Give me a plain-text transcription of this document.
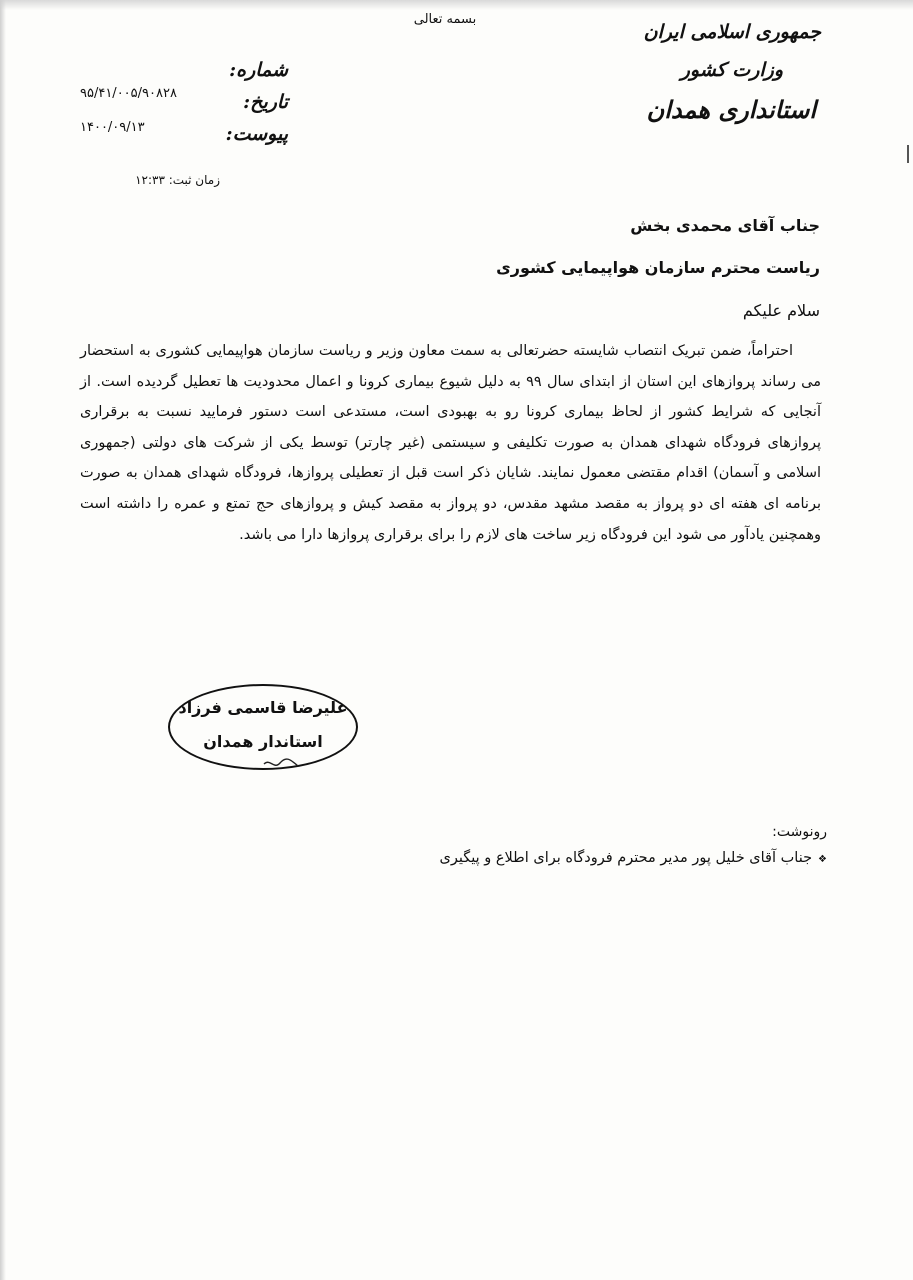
بسمه تعالی
جمهوری اسلامی ایران
وزارت کشور
استانداری همدان
شماره:
تاریخ:
پیوست:
۹۵/۴۱/۰۰۵/۹۰۸۲۸
۱۴۰۰/۰۹/۱۳
زمان ثبت: ۱۲:۳۳
جناب آقای محمدی بخش
ریاست محترم سازمان هواپیمایی کشوری
سلام علیکم
احتراماً، ضمن تبریک انتصاب شایسته حضرتعالی به سمت معاون وزیر و ریاست سازمان هواپیمایی کشوری به استحضار می رساند پروازهای این استان از ابتدای سال ۹۹ به دلیل شیوع بیماری کرونا و اعمال محدودیت ها تعطیل گردیده است. از آنجایی که شرایط کشور از لحاظ بیماری کرونا رو به بهبودی است، مستدعی است دستور فرمایید نسبت به برقراری پروازهای فرودگاه شهدای همدان به صورت تکلیفی و سیستمی (غیر چارتر) توسط یکی از شرکت های دولتی (جمهوری اسلامی و آسمان) اقدام مقتضی معمول نمایند. شایان ذکر است قبل از تعطیلی پروازها، فرودگاه شهدای همدان به صورت برنامه ای هفته ای دو پرواز به مقصد مشهد مقدس، دو پرواز به مقصد کیش و پروازهای حج تمتع و عمره را داشته است وهمچنین یادآور می شود این فرودگاه زیر ساخت های لازم را برای برقراری پروازها دارا می باشد.
علیرضا قاسمی فرزاد
استاندار همدان
رونوشت:
❖جناب آقای خلیل پور مدیر محترم فرودگاه برای اطلاع و پیگیری
